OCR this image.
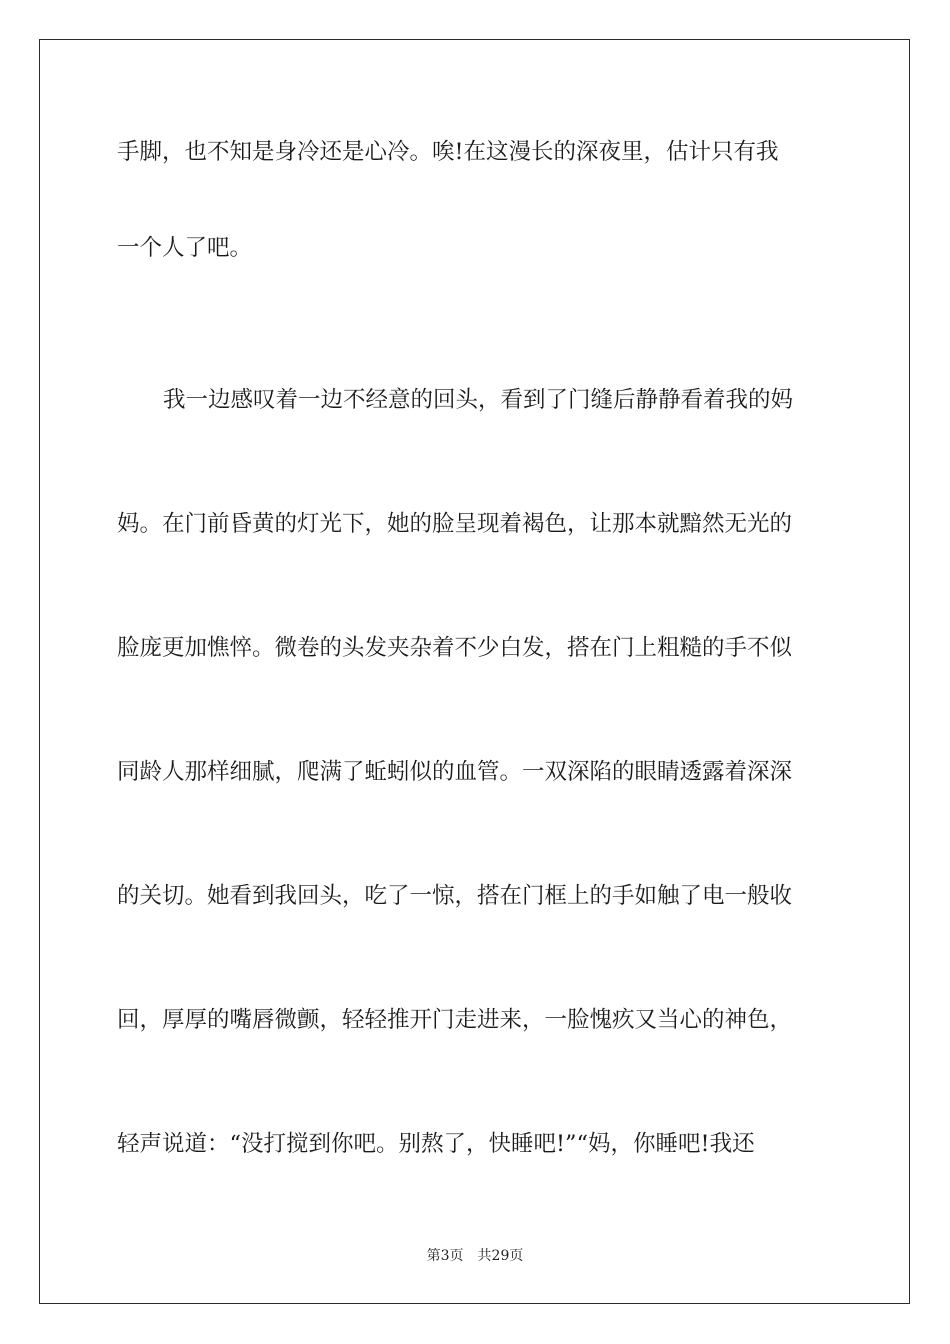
手脚，也不知是身冷还是心冷。唉!在这漫长的深夜里，估计只有我
一个人了吧。
我一边感叹着一边不经意的回头，看到了门缝后静静看着我的妈
妈。在门前昏黄的灯光下，她的脸呈现着褐色，让那本就黯然无光的
脸庞更加憔悴。微卷的头发夹杂着不少白发，搭在门上粗糙的手不似
同龄人那样细腻，爬满了蚯蚓似的血管。一双深陷的眼睛透露着深深
的关切。她看到我回头，吃了一惊，搭在门框上的手如触了电一般收
回，厚厚的嘴唇微颤，轻轻推开门走进来，一脸愧疚又当心的神色，
轻声说道：“没打搅到你吧。别熬了，快睡吧!”“妈，你睡吧!我还
第3页 共29页
